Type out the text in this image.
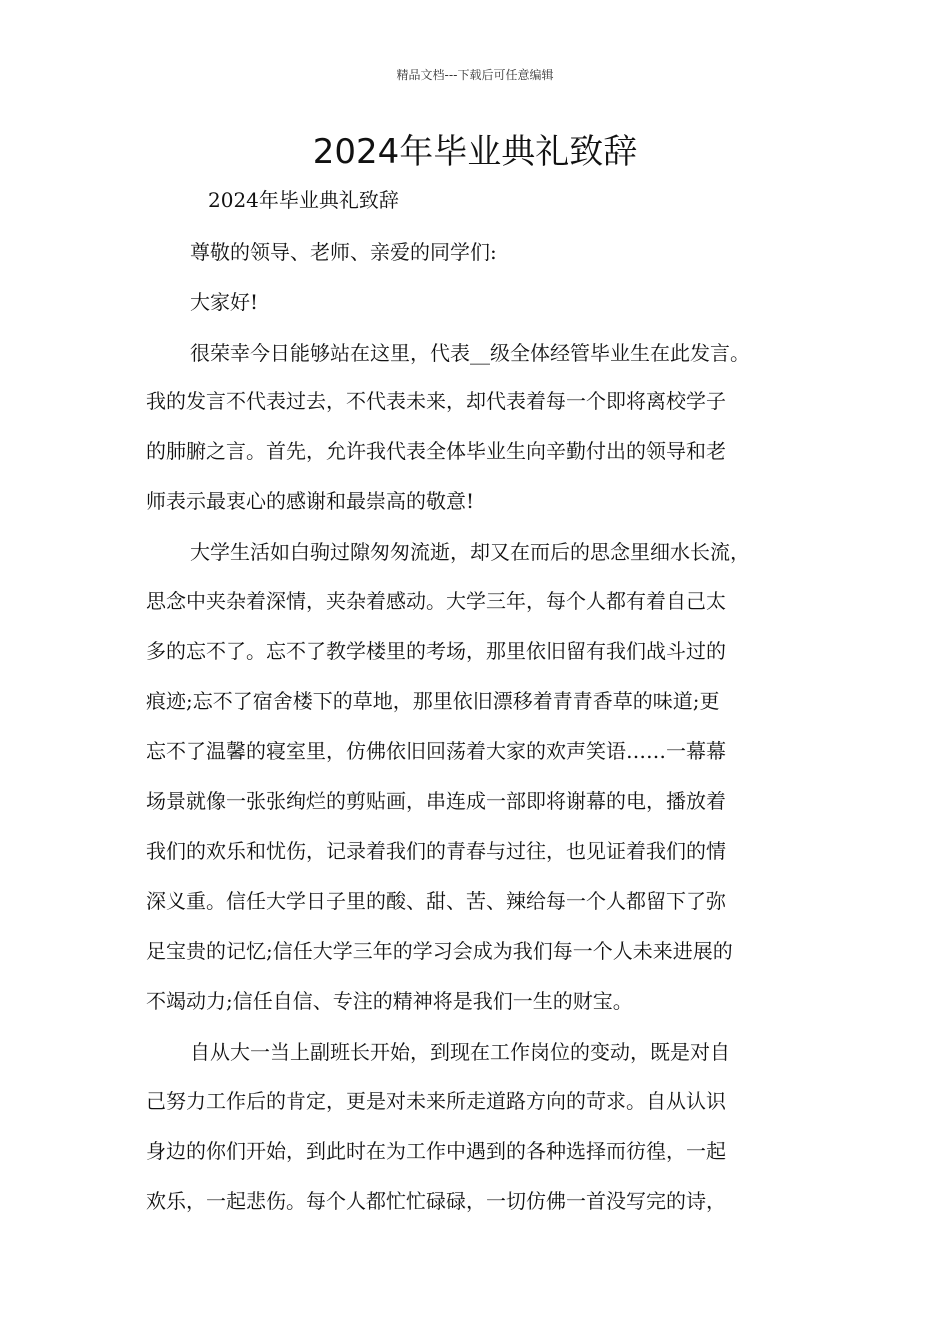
精品文档---下载后可任意编辑
2024年毕业典礼致辞
2024年毕业典礼致辞
尊敬的领导、老师、亲爱的同学们:
大家好!
很荣幸今日能够站在这里，代表__级全体经管毕业生在此发言。
我的发言不代表过去，不代表未来，却代表着每一个即将离校学子
的肺腑之言。首先，允许我代表全体毕业生向辛勤付出的领导和老
师表示最衷心的感谢和最崇高的敬意!
大学生活如白驹过隙匆匆流逝，却又在而后的思念里细水长流，
思念中夹杂着深情，夹杂着感动。大学三年，每个人都有着自己太
多的忘不了。忘不了教学楼里的考场，那里依旧留有我们战斗过的
痕迹;忘不了宿舍楼下的草地，那里依旧漂移着青青香草的味道;更
忘不了温馨的寝室里，仿佛依旧回荡着大家的欢声笑语……一幕幕
场景就像一张张绚烂的剪贴画，串连成一部即将谢幕的电，播放着
我们的欢乐和忧伤，记录着我们的青春与过往，也见证着我们的情
深义重。信任大学日子里的酸、甜、苦、辣给每一个人都留下了弥
足宝贵的记忆;信任大学三年的学习会成为我们每一个人未来进展的
不竭动力;信任自信、专注的精神将是我们一生的财宝。
自从大一当上副班长开始，到现在工作岗位的变动，既是对自
己努力工作后的肯定，更是对未来所走道路方向的苛求。自从认识
身边的你们开始，到此时在为工作中遇到的各种选择而彷徨，一起
欢乐，一起悲伤。每个人都忙忙碌碌，一切仿佛一首没写完的诗，
